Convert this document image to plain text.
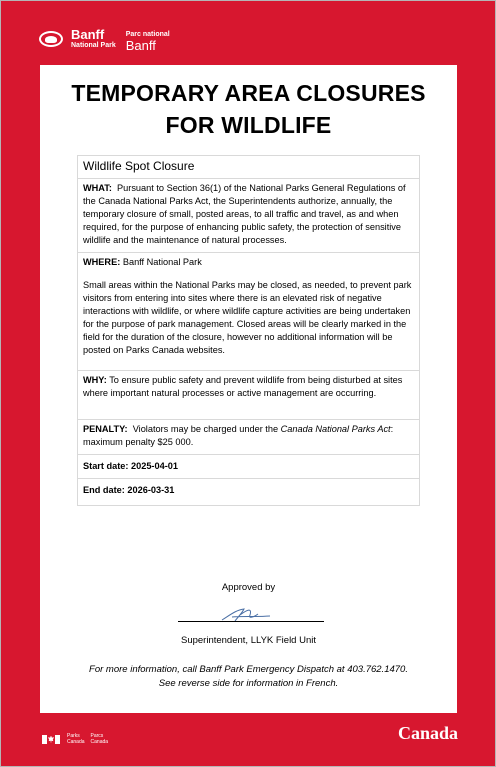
Banff
National Park
Parc national
Banff
TEMPORARY AREA CLOSURES
FOR WILDLIFE
Wildlife Spot Closure
WHAT: Pursuant to Section 36(1) of the National Parks General Regulations of the Canada National Parks Act, the Superintendents authorize, annually, the temporary closure of small, posted areas, to all traffic and travel, as and when required, for the purpose of enhancing public safety, the protection of sensitive wildlife and the maintenance of natural processes.
WHERE: Banff National Park
Small areas within the National Parks may be closed, as needed, to prevent park visitors from entering into sites where there is an elevated risk of negative interactions with wildlife, or where wildlife capture activities are being undertaken for the purpose of park management. Closed areas will be clearly marked in the field for the duration of the closure, however no additional information will be posted on Parks Canada websites.
WHY: To ensure public safety and prevent wildlife from being disturbed at sites where important natural processes or active management are occurring.
PENALTY: Violators may be charged under the Canada National Parks Act: maximum penalty $25 000.
Start date: 2025-04-01
End date: 2026-03-31
Approved by
Superintendent, LLYK Field Unit
For more information, call Banff Park Emergency Dispatch at 403.762.1470.
See reverse side for information in French.
Parks
Canada
Parcs
Canada	Canada
